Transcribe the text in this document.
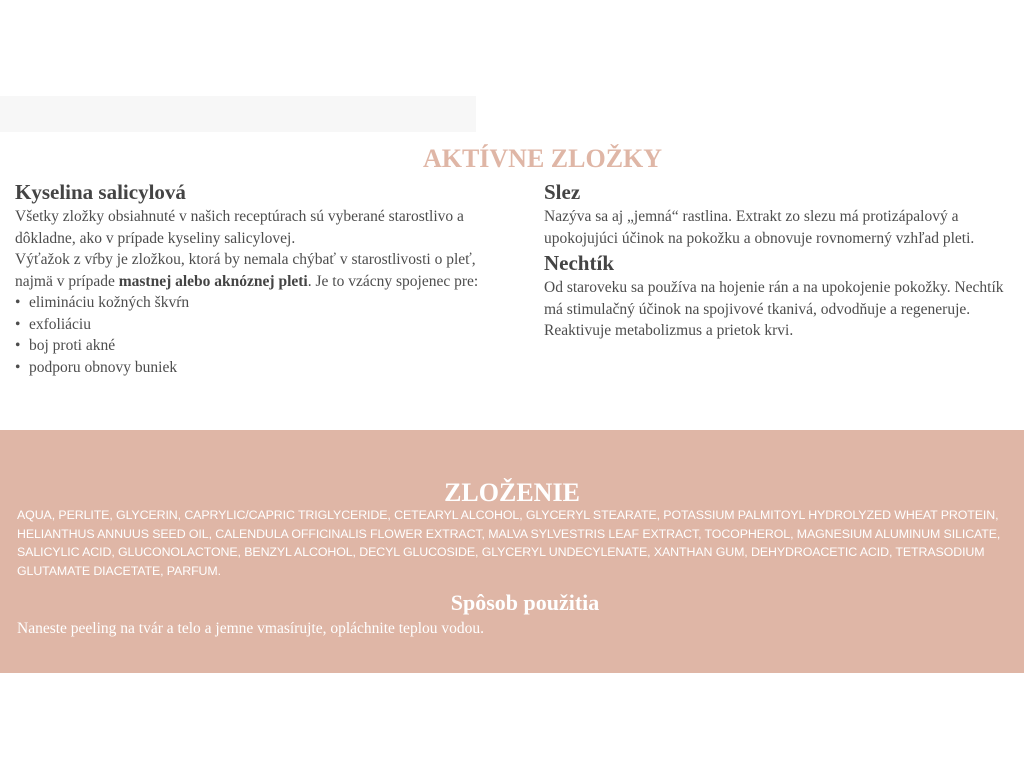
AKTÍVNE ZLOŽKY
Kyselina salicylová

Všetky zložky obsiahnuté v našich receptúrach sú vyberané starostlivo a dôkladne, ako v prípade kyseliny salicylovej.

Výťažok z vŕby je zložkou, ktorá by nemala chýbať v starostlivosti o pleť, najmä v prípade mastnej alebo aknóznej pleti. Je to vzácny spojenec pre:

• elimináciu kožných škvŕn
• exfoliáciu
• boj proti akné
• podporu obnovy buniek
Slez

Nazýva sa aj „jemná“ rastlina. Extrakt zo slezu má protizápalový a upokojujúci účinok na pokožku a obnovuje rovnomerný vzhľad pleti.

Nechtík

Od staroveku sa používa na hojenie rán a na upokojenie pokožky. Nechtík má stimulačný účinok na spojivové tkanivá, odvodňuje a regeneruje. Reaktivuje metabolizmus a prietok krvi.

ZLOŽENIE

AQUA, PERLITE, GLYCERIN, CAPRYLIC/CAPRIC TRIGLYCERIDE, CETEARYL ALCOHOL, GLYCERYL STEARATE, POTASSIUM PALMITOYL HYDROLYZED WHEAT PROTEIN, HELIANTHUS ANNUUS SEED OIL, CALENDULA OFFICINALIS FLOWER EXTRACT, MALVA SYLVESTRIS LEAF EXTRACT, TOCOPHEROL, MAGNESIUM ALUMINUM SILICATE, SALICYLIC ACID, GLUCONOLACTONE, BENZYL ALCOHOL, DECYL GLUCOSIDE, GLYCERYL UNDECYLENATE, XANTHAN GUM, DEHYDROACETIC ACID, TETRASODIUM GLUTAMATE DIACETATE, PARFUM.

Spôsob použitia

Naneste peeling na tvár a telo a jemne vmasírujte, opláchnite teplou vodou.
